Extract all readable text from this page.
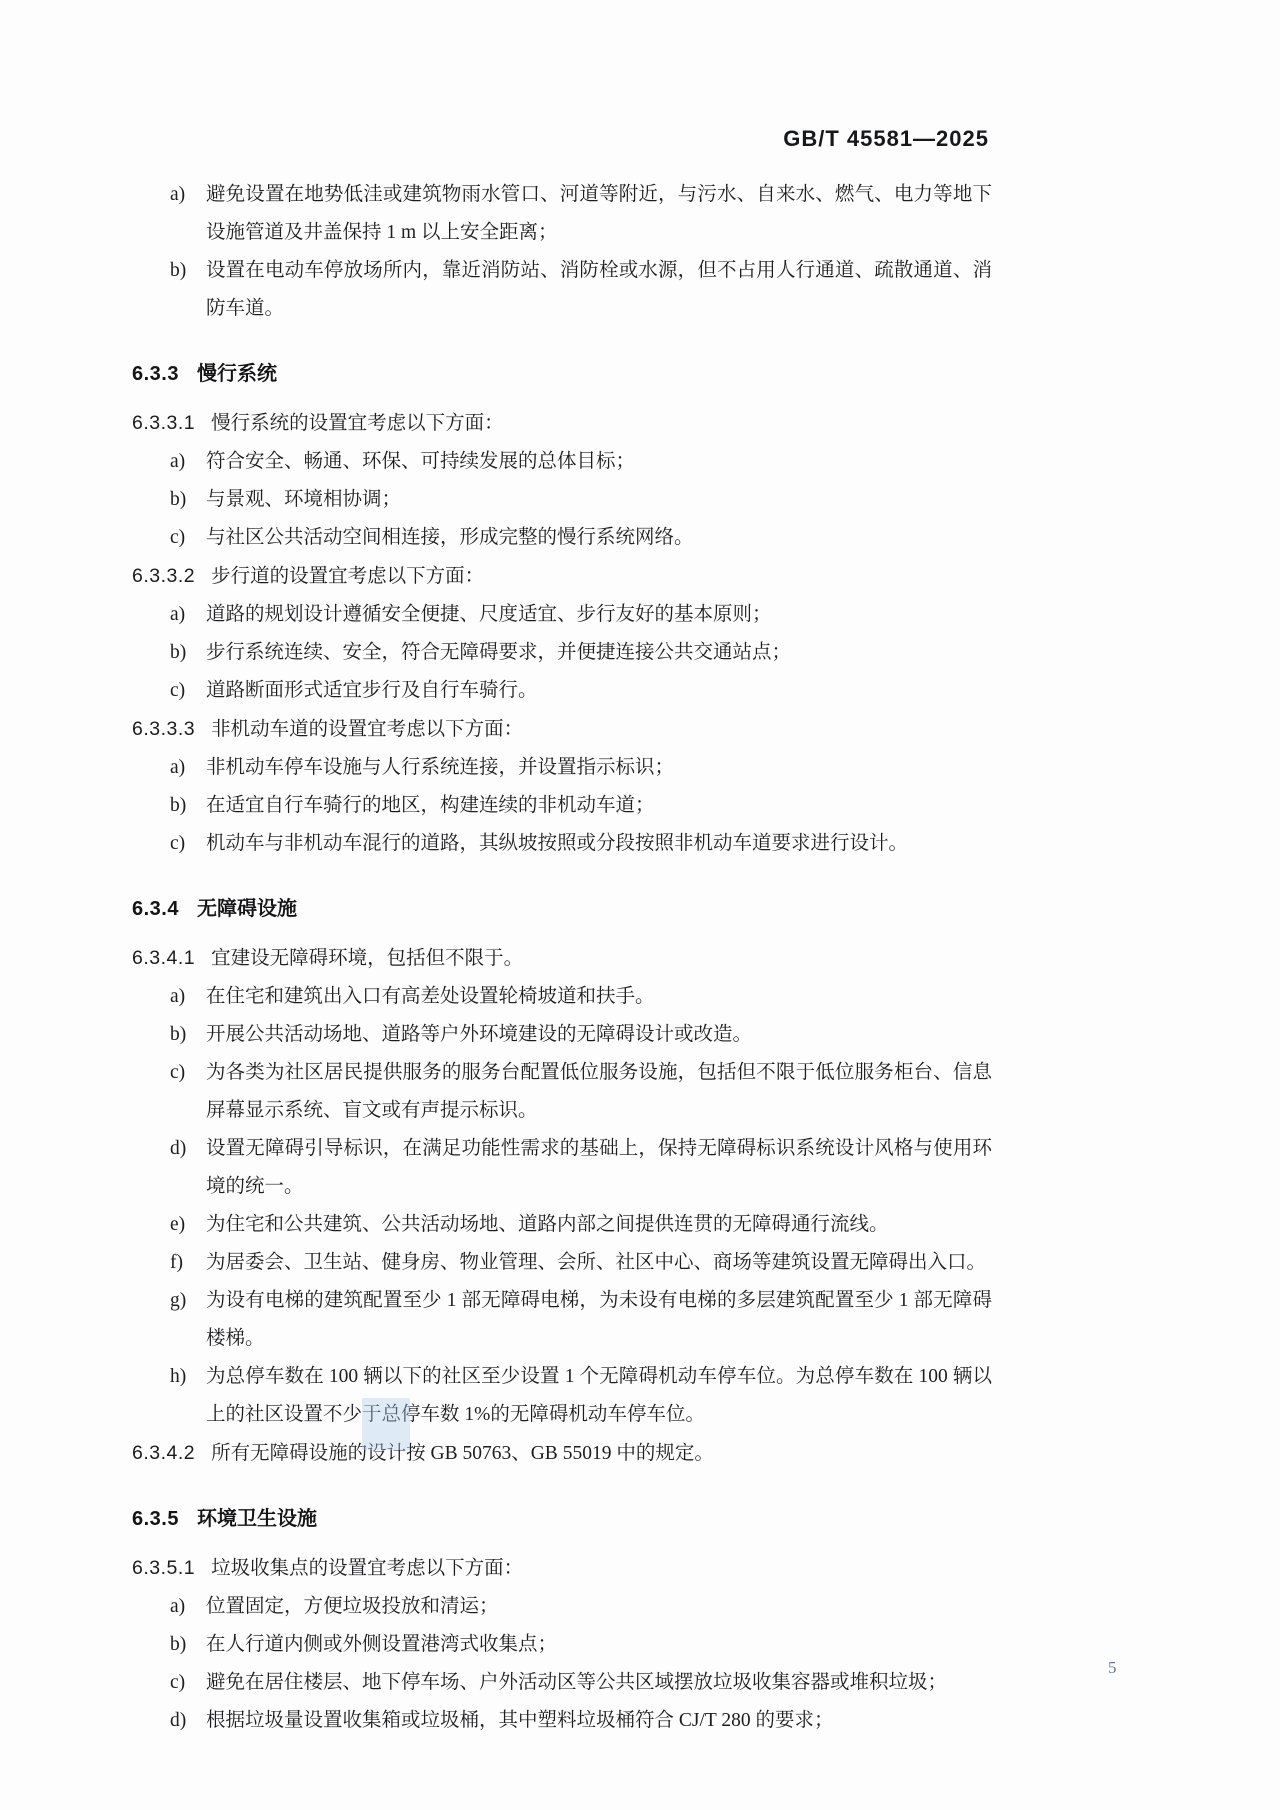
GB/T 45581—2025
a) 避免设置在地势低洼或建筑物雨水管口、河道等附近，与污水、自来水、燃气、电力等地下设施管道及井盖保持 1 m 以上安全距离；
b) 设置在电动车停放场所内，靠近消防站、消防栓或水源，但不占用人行通道、疏散通道、消防车道。
6.3.3 慢行系统
6.3.3.1 慢行系统的设置宜考虑以下方面：
a) 符合安全、畅通、环保、可持续发展的总体目标；
b) 与景观、环境相协调；
c) 与社区公共活动空间相连接，形成完整的慢行系统网络。
6.3.3.2 步行道的设置宜考虑以下方面：
a) 道路的规划设计遵循安全便捷、尺度适宜、步行友好的基本原则；
b) 步行系统连续、安全，符合无障碍要求，并便捷连接公共交通站点；
c) 道路断面形式适宜步行及自行车骑行。
6.3.3.3 非机动车道的设置宜考虑以下方面：
a) 非机动车停车设施与人行系统连接，并设置指示标识；
b) 在适宜自行车骑行的地区，构建连续的非机动车道；
c) 机动车与非机动车混行的道路，其纵坡按照或分段按照非机动车道要求进行设计。
6.3.4 无障碍设施
6.3.4.1 宜建设无障碍环境，包括但不限于。
a) 在住宅和建筑出入口有高差处设置轮椅坡道和扶手。
b) 开展公共活动场地、道路等户外环境建设的无障碍设计或改造。
c) 为各类为社区居民提供服务的服务台配置低位服务设施，包括但不限于低位服务柜台、信息屏幕显示系统、盲文或有声提示标识。
d) 设置无障碍引导标识，在满足功能性需求的基础上，保持无障碍标识系统设计风格与使用环境的统一。
e) 为住宅和公共建筑、公共活动场地、道路内部之间提供连贯的无障碍通行流线。
f) 为居委会、卫生站、健身房、物业管理、会所、社区中心、商场等建筑设置无障碍出入口。
g) 为设有电梯的建筑配置至少 1 部无障碍电梯，为未设有电梯的多层建筑配置至少 1 部无障碍楼梯。
h) 为总停车数在 100 辆以下的社区至少设置 1 个无障碍机动车停车位。为总停车数在 100 辆以上的社区设置不少于总停车数 1%的无障碍机动车停车位。
6.3.4.2 所有无障碍设施的设计按 GB 50763、GB 55019 中的规定。
6.3.5 环境卫生设施
6.3.5.1 垃圾收集点的设置宜考虑以下方面：
a) 位置固定，方便垃圾投放和清运；
b) 在人行道内侧或外侧设置港湾式收集点；
c) 避免在居住楼层、地下停车场、户外活动区等公共区域摆放垃圾收集容器或堆积垃圾；
d) 根据垃圾量设置收集箱或垃圾桶，其中塑料垃圾桶符合 CJ/T 280 的要求；
5
